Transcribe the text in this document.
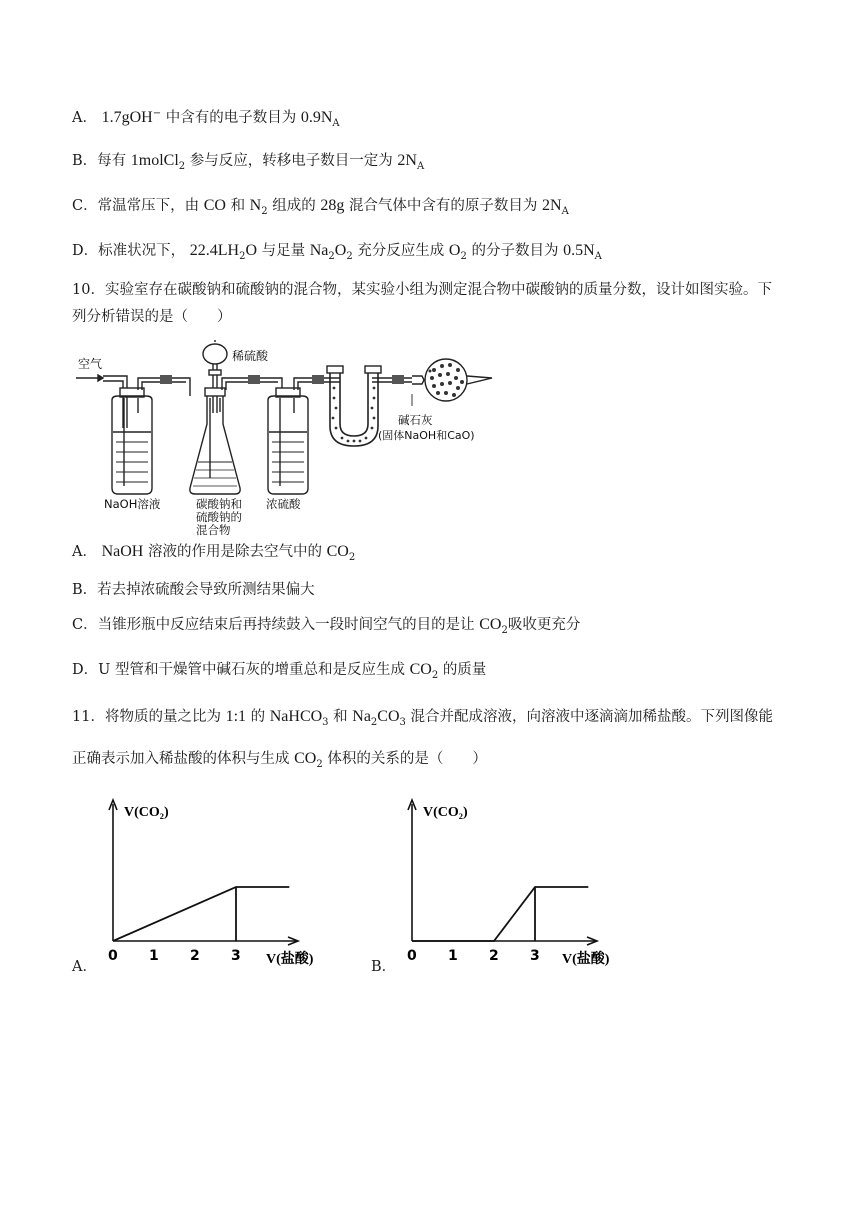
A． 1.7gOH− 中含有的电子数目为 $0.9N_A$
B．每有 1molCl$_2$ 参与反应，转移电子数目一定为 $2N_A$
C．常温常压下，由 CO 和 $N_2$ 组成的 28g 混合气体中含有的原子数目为 $2N_A$
D．标准状况下， $22.4LH_2O$ 与足量 $Na_2O_2$ 充分反应生成 $O_2$ 的分子数目为 $0.5N_A$
10．实验室存在碳酸钠和硫酸钠的混合物，某实验小组为测定混合物中碳酸钠的质量分数，设计如图实验。下
列分析错误的是（　　）
空气
稀硫酸
NaOH溶液	碳酸钠和
硫酸钠的
混合物
浓硫酸
碱石灰
(固体NaOH和CaO)
A． NaOH 溶液的作用是除去空气中的 $CO_2$
B．若去掉浓硫酸会导致所测结果偏大
C．当锥形瓶中反应结束后再持续鼓入一段时间空气的目的是让 $CO_2$吸收更充分
D．U 型管和干燥管中碱石灰的增重总和是反应生成 $CO_2$ 的质量
11．将物质的量之比为 1:1 的 NaHCO$_3$ 和 $Na_2CO_3$ 混合并配成溶液，向溶液中逐滴滴加稀盐酸。下列图像能
正确表示加入稀盐酸的体积与生成 $CO_2$ 体积的关系的是（　　）
A．	B．
V(CO₂)
V(盐酸)
0 1 2 3
V(CO₂)
V(盐酸)
0 1 2 3
